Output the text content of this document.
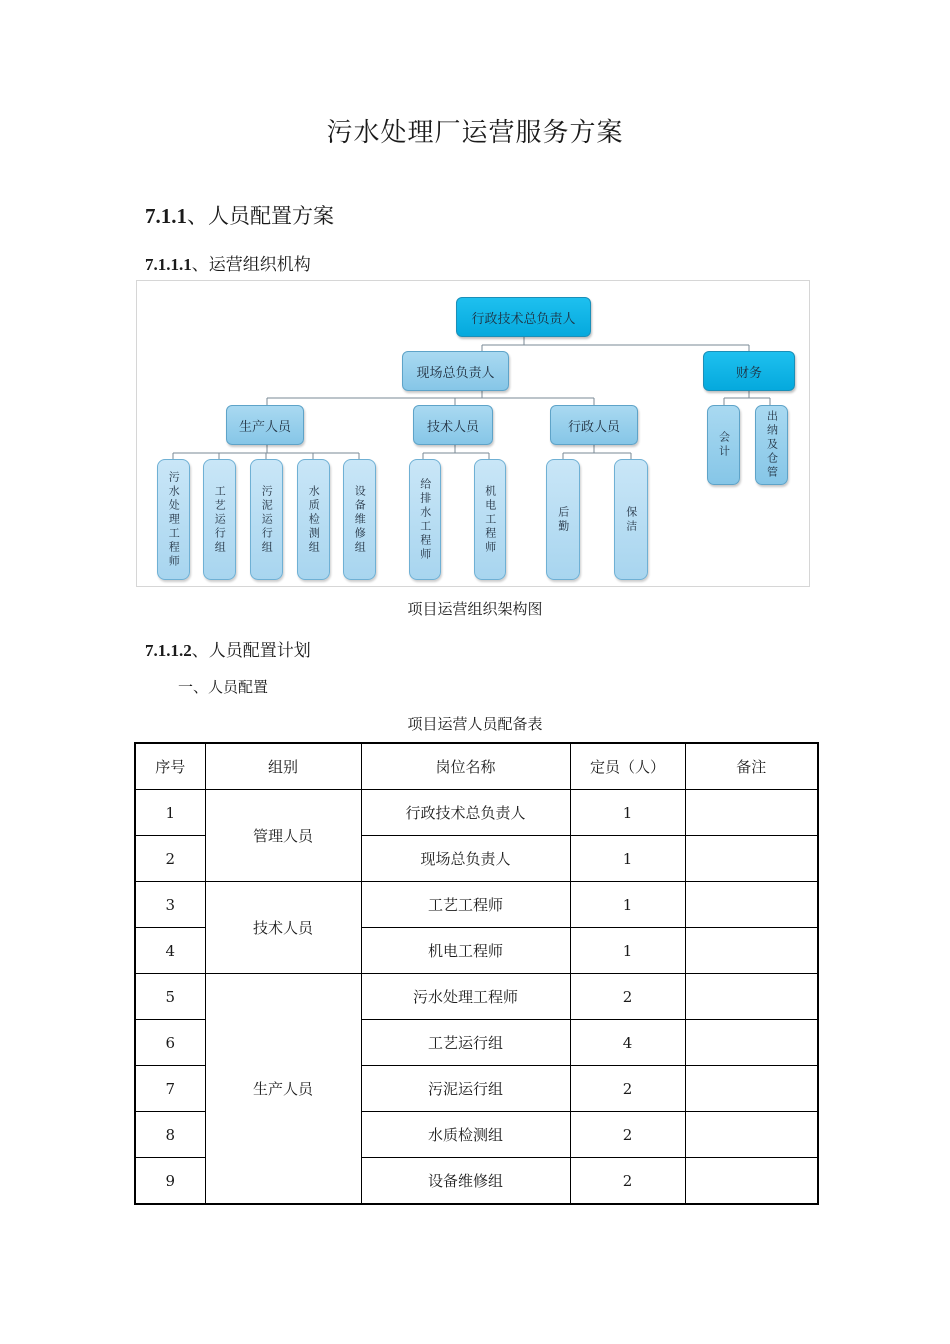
污水处理厂运营服务方案
7.1.1、人员配置方案
7.1.1.1、运营组织机构
行政技术总负责人
现场总负责人	财务
生产人员	技术人员	行政人员
会计	出纳及仓管
污水处理工程师	工艺运行组	污泥运行组	水质检测组	设备维修组	给排水工程师	机电工程师	后勤	保洁
项目运营组织架构图
7.1.1.2、人员配置计划
一、人员配置
项目运营人员配备表
序号	组别	岗位名称	定员（人）	备注
1	管理人员	行政技术总负责人	1	
2		现场总负责人	1	
3	技术人员	工艺工程师	1	
4		机电工程师	1	
5	生产人员	污水处理工程师	2	
6		工艺运行组	4	
7		污泥运行组	2	
8		水质检测组	2	
9		设备维修组	2	
